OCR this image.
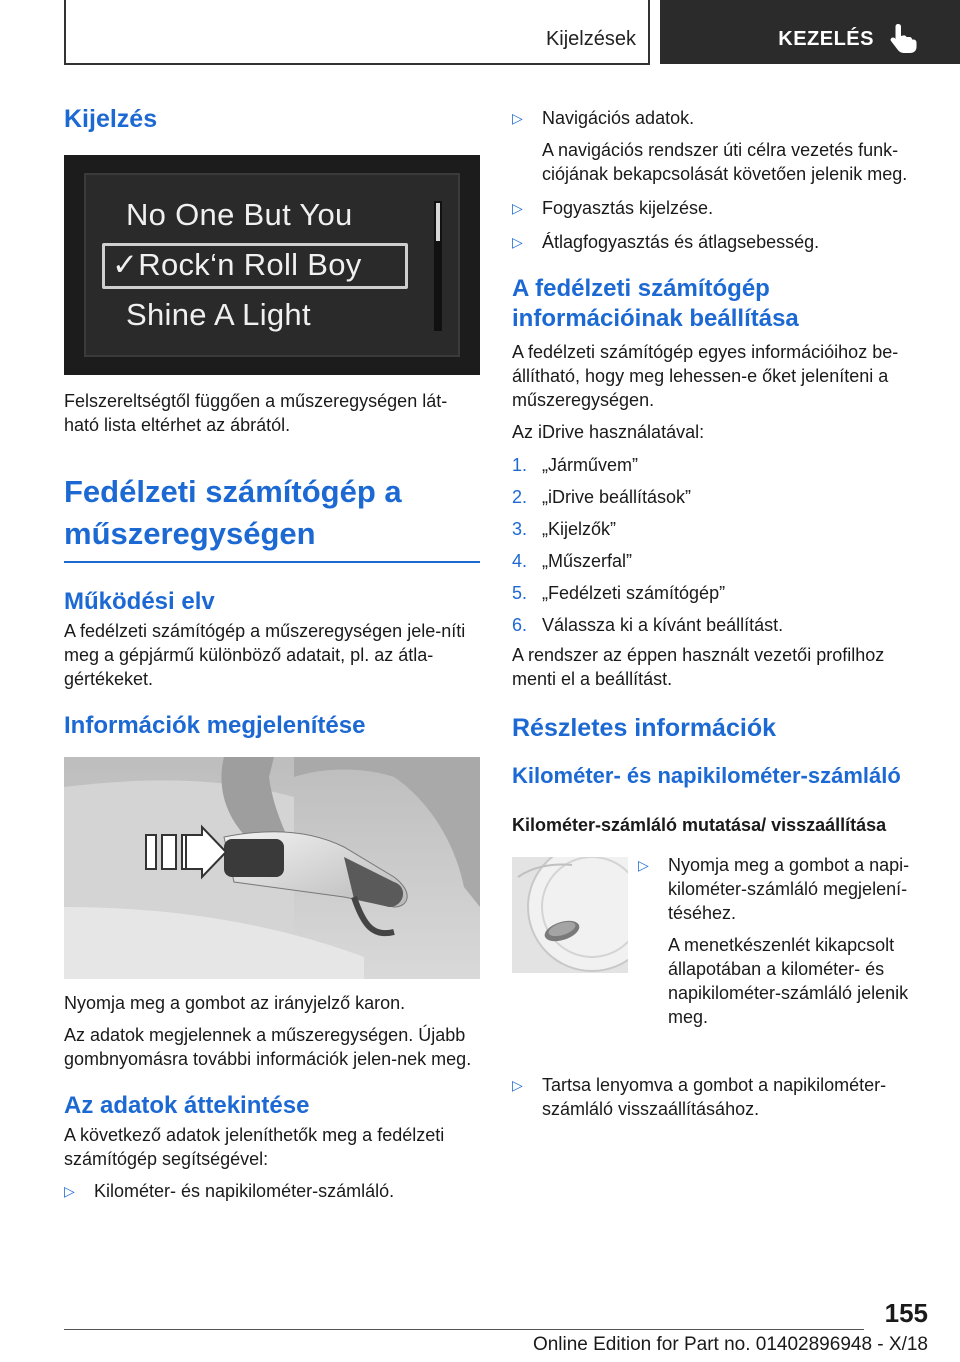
Kijelzések	KEZELÉS
Kijelzés
No One But You
✓Rock‘n Roll Boy
Shine A Light

Felszereltségtől függően a műszeregységen lát-ható lista eltérhet az ábrától.

Fedélzeti számítógép a műszeregységen
Működési elv

A fedélzeti számítógép a műszeregységen jele-níti meg a gépjármű különböző adatait, pl. az átla-gértékeket.

Információk megjelenítése

Nyomja meg a gombot az irányjelző karon.

Az adatok megjelennek a műszeregységen. Újabb gombnyomásra további információk jelen-nek meg.

Az adatok áttekintése

A következő adatok jeleníthetők meg a fedélzeti számítógép segítségével:

▷ Kilométer- és napikilométer-számláló.
▷ Navigációs adatok.

A navigációs rendszer úti célra vezetés funk-ciójának bekapcsolását követően jelenik meg.

▷ Fogyasztás kijelzése.
▷ Átlagfogyasztás és átlagsebesség.
A fedélzeti számítógép információinak beállítása

A fedélzeti számítógép egyes információihoz be-állítható, hogy meg lehessen-e őket jeleníteni a műszeregységen.

Az iDrive használatával:

1. „Járművem”
2. „iDrive beállítások”
3. „Kijelzők”
4. „Műszerfal”
5. „Fedélzeti számítógép”
6. Válassza ki a kívánt beállítást.

A rendszer az éppen használt vezetői profilhoz menti el a beállítást.

Részletes információk
Kilométer- és napikilométer-számláló
Kilométer-számláló mutatása/ visszaállítása
▷ Nyomja meg a gombot a napi-kilométer-számláló megjelení-téséhez.

A menetkészenlét kikapcsolt állapotában a kilométer- és napikilométer-számláló jelenik meg.

▷ Tartsa lenyomva a gombot a napikilométer-számláló visszaállításához.
155
Online Edition for Part no. 01402896948 - X/18
